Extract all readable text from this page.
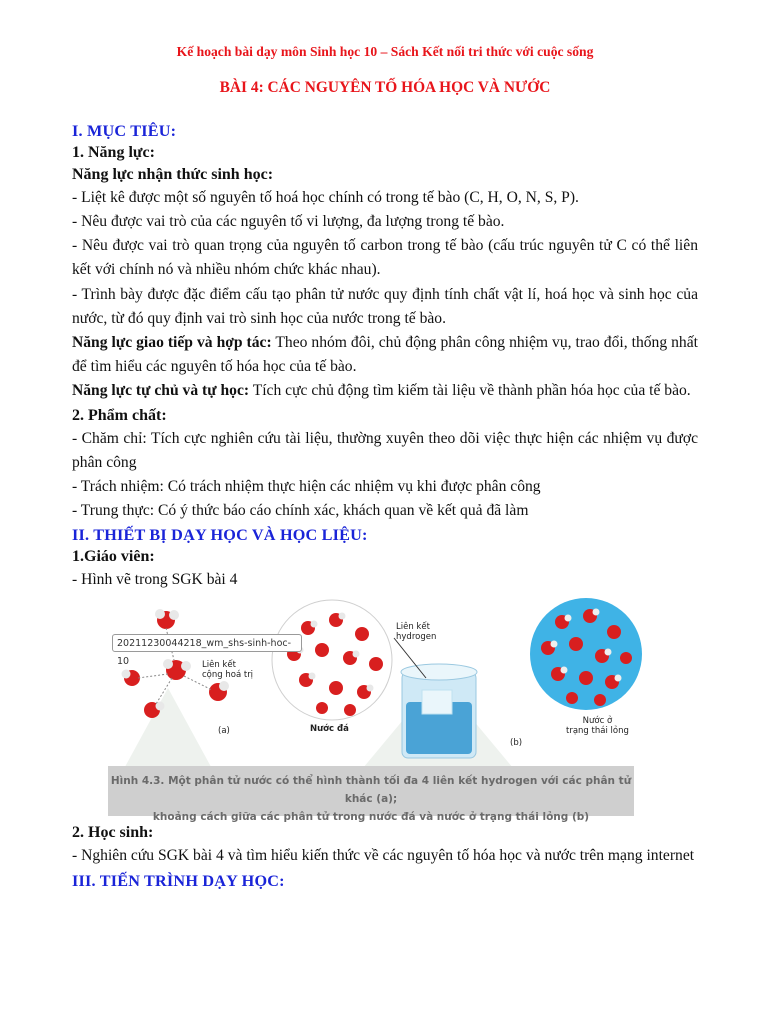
Kế hoạch bài dạy môn Sinh học 10 – Sách Kết nối tri thức với cuộc sống
BÀI 4: CÁC NGUYÊN TỐ HÓA HỌC VÀ NƯỚC
I. MỤC TIÊU:
1. Năng lực:
Năng lực nhận thức sinh học:

- Liệt kê được một số nguyên tố hoá học chính có trong tế bào (C, H, O, N, S, P).

- Nêu được vai trò của các nguyên tố vi lượng, đa lượng trong tế bào.

- Nêu được vai trò quan trọng của nguyên tố carbon trong tế bào (cấu trúc nguyên tử C có thể liên kết với chính nó và nhiều nhóm chức khác nhau).

- Trình bày được đặc điểm cấu tạo phân tử nước quy định tính chất vật lí, hoá học và sinh học của nước, từ đó quy định vai trò sinh học của nước trong tế bào.

Năng lực giao tiếp và hợp tác: Theo nhóm đôi, chủ động phân công nhiệm vụ, trao đổi, thống nhất để tìm hiểu các nguyên tố hóa học của tế bào.

Năng lực tự chủ và tự học: Tích cực chủ động tìm kiếm tài liệu về thành phần hóa học của tế bào.

2. Phẩm chất:

- Chăm chỉ: Tích cực nghiên cứu tài liệu, thường xuyên theo dõi việc thực hiện các nhiệm vụ được phân công

- Trách nhiệm: Có trách nhiệm thực hiện các nhiệm vụ khi được phân công

- Trung thực: Có ý thức báo cáo chính xác, khách quan về kết quả đã làm

II. THIẾT BỊ DẠY HỌC VÀ HỌC LIỆU:
1.Giáo viên:

- Hình vẽ trong SGK bài 4

20211230044218_wm_shs-sinh-hoc-10	Liên kết
cộng hoá trị
(a)	Nước đá
Liên kết
hydrogen
(b)
Nước ở
trạng thái lỏng
Hình 4.3. Một phân tử nước có thể hình thành tối đa 4 liên kết hydrogen với các phân tử khác (a);
khoảng cách giữa các phân tử trong nước đá và nước ở trạng thái lỏng (b)
2. Học sinh:

- Nghiên cứu SGK bài 4 và tìm hiểu kiến thức về các nguyên tố hóa học và nước trên mạng internet

III. TIẾN TRÌNH DẠY HỌC:
